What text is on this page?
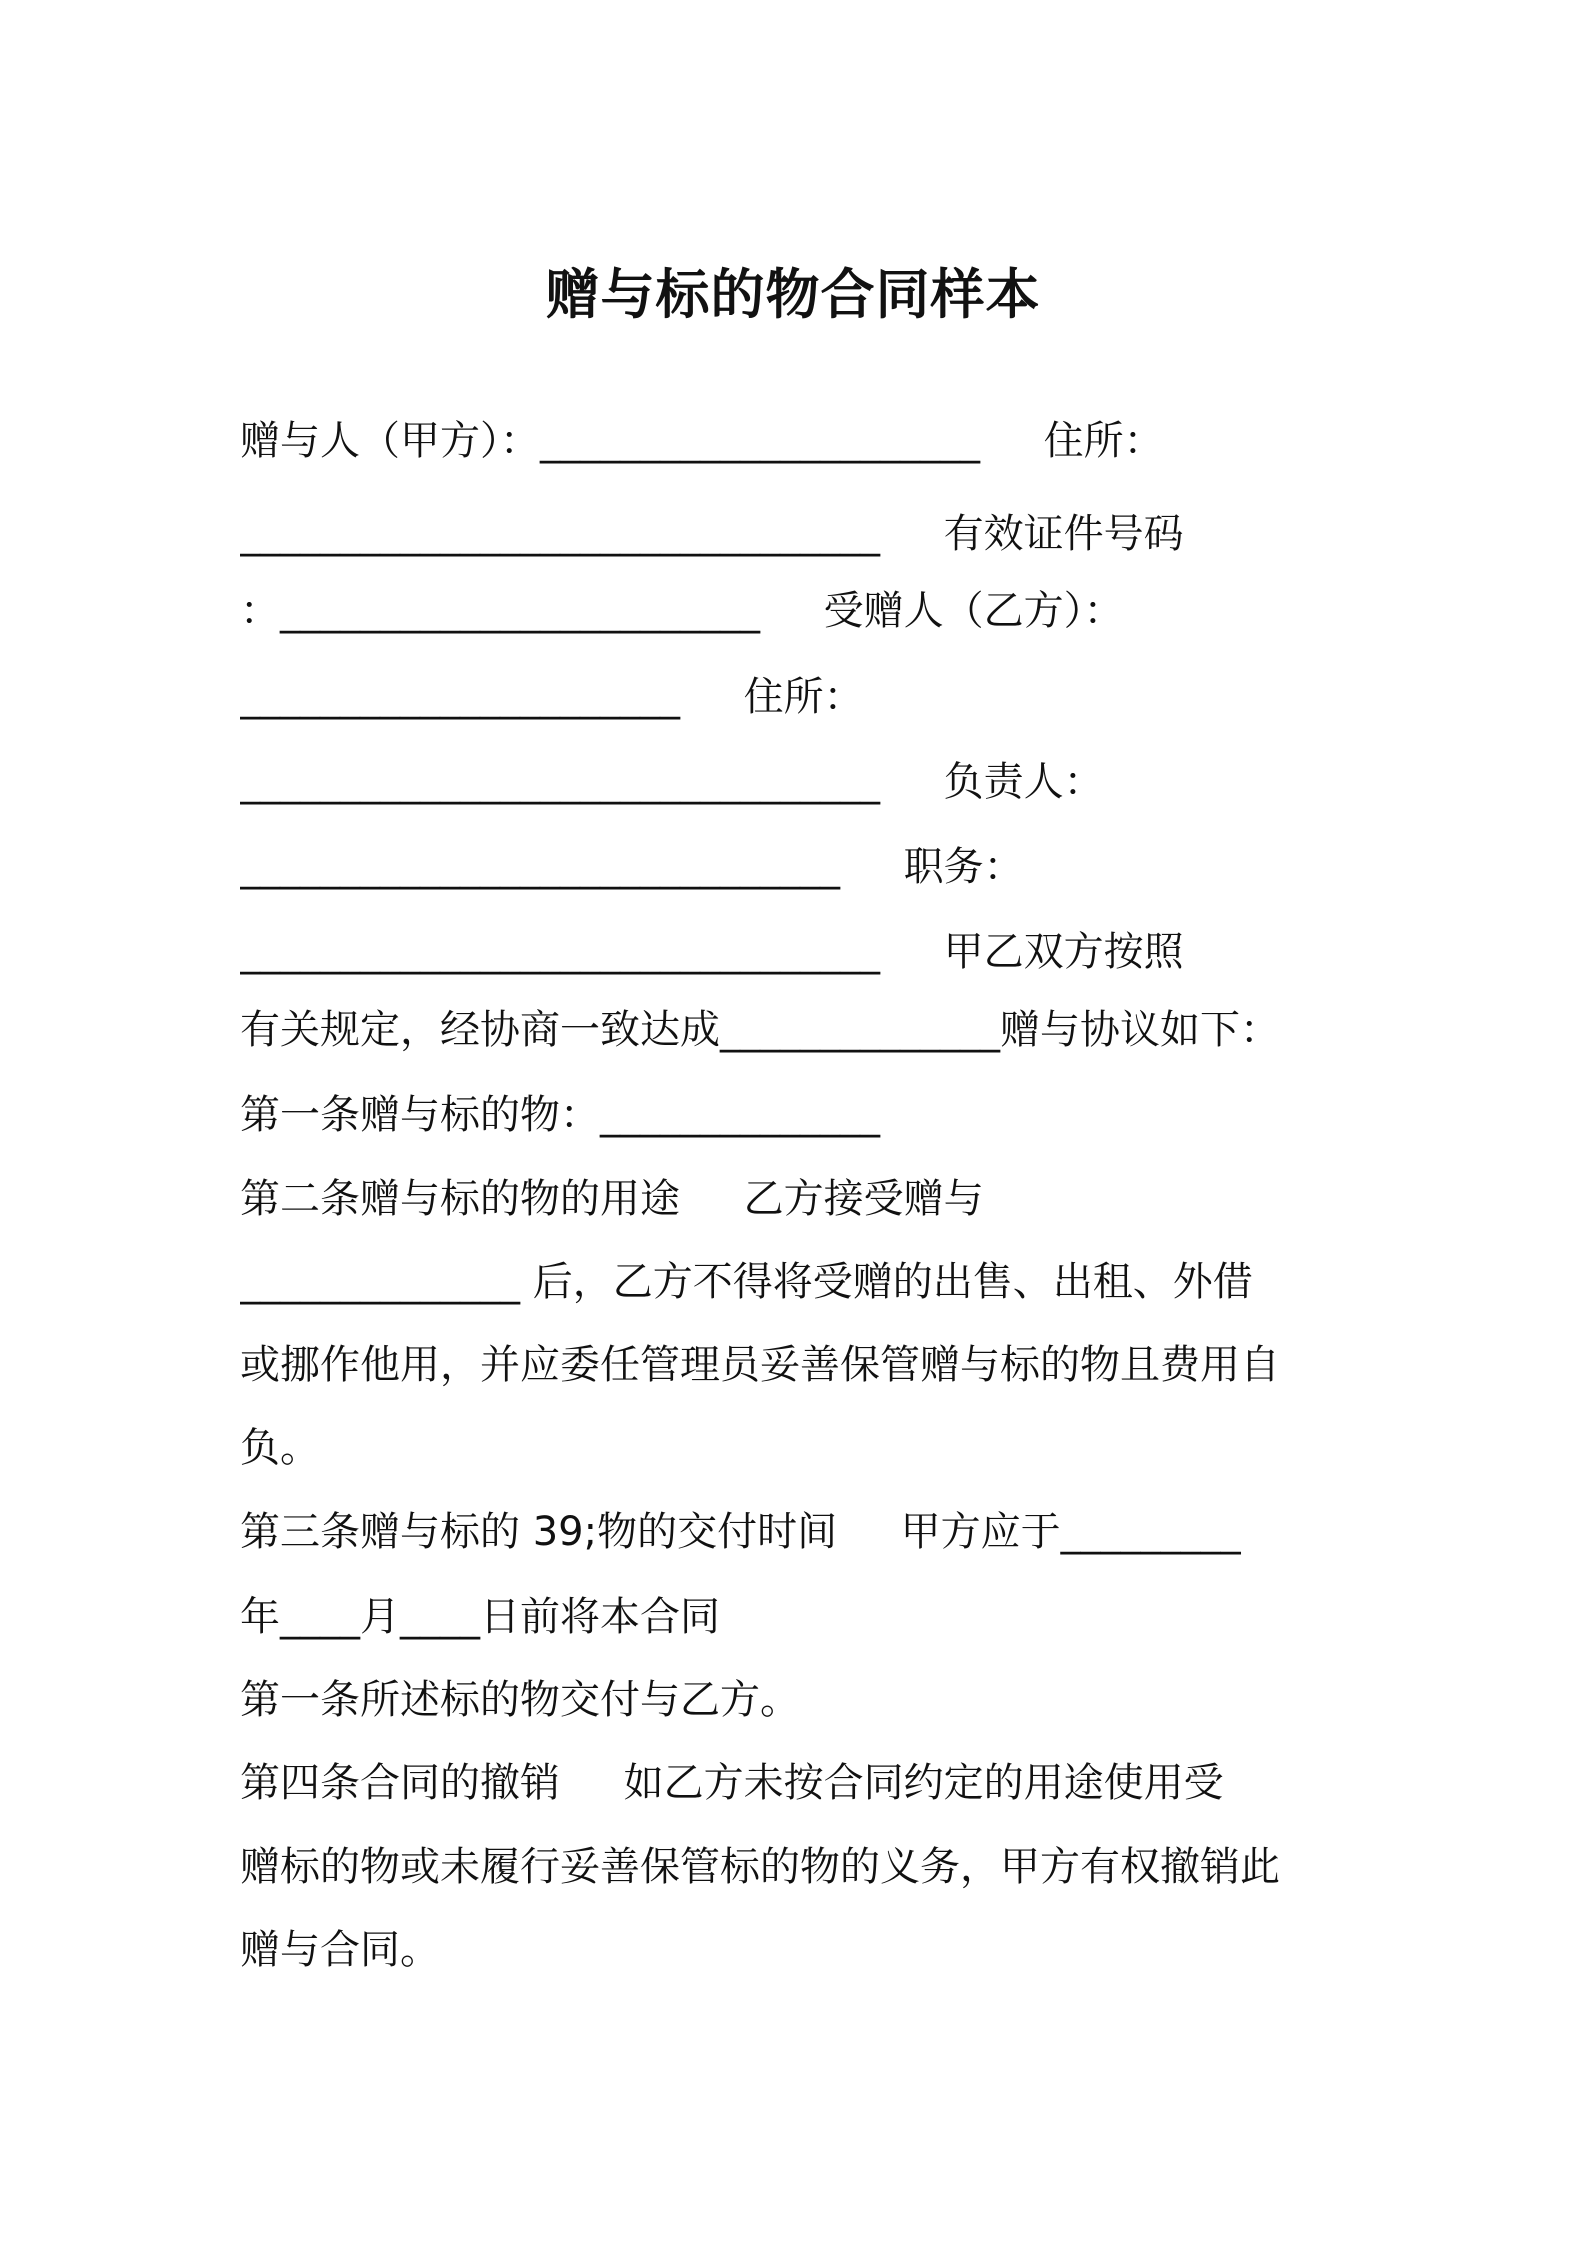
赠与标的物合同样本
赠与人（甲方）：______________________     住所：
________________________________     有效证件号码
：________________________     受赠人（乙方）：
______________________     住所：
________________________________     负责人：
______________________________     职务：
________________________________     甲乙双方按照
有关规定，经协商一致达成______________赠与协议如下：
第一条赠与标的物：______________
第二条赠与标的物的用途     乙方接受赠与
______________ 后，乙方不得将受赠的出售、出租、外借
或挪作他用，并应委任管理员妥善保管赠与标的物且费用自
负。
第三条赠与标的 39;物的交付时间     甲方应于_________
年____月____日前将本合同
第一条所述标的物交付与乙方。
第四条合同的撤销     如乙方未按合同约定的用途使用受
赠标的物或未履行妥善保管标的物的义务，甲方有权撤销此
赠与合同。
